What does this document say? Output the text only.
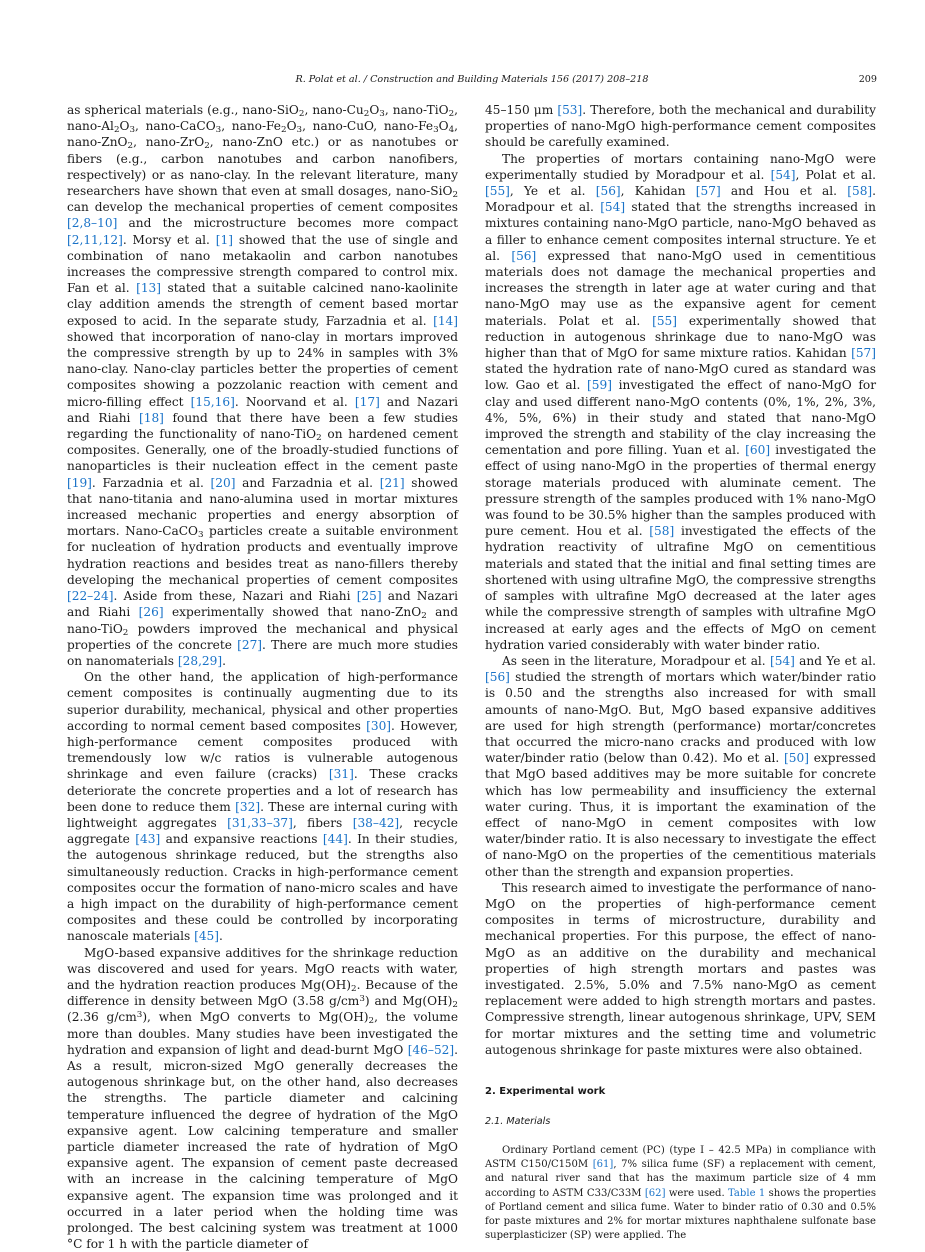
R. Polat et al. / Construction and Building Materials 156 (2017) 208–218	209

as spherical materials (e.g., nano-SiO$_2$, nano-$Cu_2O_3$, nano-TiO$_2$, nano-$Al_2O_3$, nano-CaCO$_3$, nano-$Fe_2O_3$, nano-CuO, nano-$Fe_3O_4$, nano-ZnO$_2$, nano-ZrO$_2$, nano-ZnO etc.) or as nanotubes or fibers (e.g., carbon nanotubes and carbon nanofibers, respectively) or as nano-clay. In the relevant literature, many researchers have shown that even at small dosages, nano-SiO$_2$ can develop the mechanical properties of cement composites [2,8–10] and the microstructure becomes more compact [2,11,12]. Morsy et al. [1] showed that the use of single and combination of nano metakaolin and carbon nanotubes increases the compressive strength compared to control mix. Fan et al. [13] stated that a suitable calcined nano-kaolinite clay addition amends the strength of cement based mortar exposed to acid. In the separate study, Farzadnia et al. [14] showed that incorporation of nano-clay in mortars improved the compressive strength by up to 24% in samples with 3% nano-clay. Nano-clay particles better the properties of cement composites showing a pozzolanic reaction with cement and micro-filling effect [15,16]. Noorvand et al. [17] and Nazari and Riahi [18] found that there have been a few studies regarding the functionality of nano-TiO$_2$ on hardened cement composites. Generally, one of the broadly-studied functions of nanoparticles is their nucleation effect in the cement paste [19]. Farzadnia et al. [20] and Farzadnia et al. [21] showed that nano-titania and nano-alumina used in mortar mixtures increased mechanic properties and energy absorption of mortars. Nano-CaCO$_3$ particles create a suitable environment for nucleation of hydration products and eventually improve hydration reactions and besides treat as nano-fillers thereby developing the mechanical properties of cement composites [22–24]. Aside from these, Nazari and Riahi [25] and Nazari and Riahi [26] experimentally showed that nano-ZnO$_2$ and nano-TiO$_2$ powders improved the mechanical and physical properties of the concrete [27]. There are much more studies on nanomaterials [28,29].

On the other hand, the application of high-performance cement composites is continually augmenting due to its superior durability, mechanical, physical and other properties according to normal cement based composites [30]. However, high-performance cement composites produced with tremendously low w/c ratios is vulnerable autogenous shrinkage and even failure (cracks) [31]. These cracks deteriorate the concrete properties and a lot of research has been done to reduce them [32]. These are internal curing with lightweight aggregates [31,33–37], fibers [38–42], recycle aggregate [43] and expansive reactions [44]. In their studies, the autogenous shrinkage reduced, but the strengths also simultaneously reduction. Cracks in high-performance cement composites occur the formation of nano-micro scales and have a high impact on the durability of high-performance cement composites and these could be controlled by incorporating nanoscale materials [45].

MgO-based expansive additives for the shrinkage reduction was discovered and used for years. MgO reacts with water, and the hydration reaction produces $Mg(OH)_2$. Because of the difference in density between MgO (3.58 $g/cm^3$) and $Mg(OH)_2$ (2.36 $g/cm^3$), when MgO converts to $Mg(OH)_2$, the volume more than doubles. Many studies have been investigated the hydration and expansion of light and dead-burnt MgO [46–52]. As a result, micron-sized MgO generally decreases the autogenous shrinkage but, on the other hand, also decreases the strengths. The particle diameter and calcining temperature influenced the degree of hydration of the MgO expansive agent. Low calcining temperature and smaller particle diameter increased the rate of hydration of MgO expansive agent. The expansion of cement paste decreased with an increase in the calcining temperature of MgO expansive agent. The expansion time was prolonged and it occurred in a later period when the holding time was prolonged. The best calcining system was treatment at 1000 °C for 1 h with the particle diameter of

45–150 μm [53]. Therefore, both the mechanical and durability properties of nano-MgO high-performance cement composites should be carefully examined.

The properties of mortars containing nano-MgO were experimentally studied by Moradpour et al. [54], Polat et al. [55], Ye et al. [56], Kahidan [57] and Hou et al. [58]. Moradpour et al. [54] stated that the strengths increased in mixtures containing nano-MgO particle, nano-MgO behaved as a filler to enhance cement composites internal structure. Ye et al. [56] expressed that nano-MgO used in cementitious materials does not damage the mechanical properties and increases the strength in later age at water curing and that nano-MgO may use as the expansive agent for cement materials. Polat et al. [55] experimentally showed that reduction in autogenous shrinkage due to nano-MgO was higher than that of MgO for same mixture ratios. Kahidan [57] stated the hydration rate of nano-MgO cured as standard was low. Gao et al. [59] investigated the effect of nano-MgO for clay and used different nano-MgO contents (0%, 1%, 2%, 3%, 4%, 5%, 6%) in their study and stated that nano-MgO improved the strength and stability of the clay increasing the cementation and pore filling. Yuan et al. [60] investigated the effect of using nano-MgO in the properties of thermal energy storage materials produced with aluminate cement. The pressure strength of the samples produced with 1% nano-MgO was found to be 30.5% higher than the samples produced with pure cement. Hou et al. [58] investigated the effects of the hydration reactivity of ultrafine MgO on cementitious materials and stated that the initial and final setting times are shortened with using ultrafine MgO, the compressive strengths of samples with ultrafine MgO decreased at the later ages while the compressive strength of samples with ultrafine MgO increased at early ages and the effects of MgO on cement hydration varied considerably with water binder ratio.

As seen in the literature, Moradpour et al. [54] and Ye et al. [56] studied the strength of mortars which water/binder ratio is 0.50 and the strengths also increased for with small amounts of nano-MgO. But, MgO based expansive additives are used for high strength (performance) mortar/concretes that occurred the micro-nano cracks and produced with low water/binder ratio (below than 0.42). Mo et al. [50] expressed that MgO based additives may be more suitable for concrete which has low permeability and insufficiency the external water curing. Thus, it is important the examination of the effect of nano-MgO in cement composites with low water/binder ratio. It is also necessary to investigate the effect of nano-MgO on the properties of the cementitious materials other than the strength and expansion properties.

This research aimed to investigate the performance of nano-MgO on the properties of high-performance cement composites in terms of microstructure, durability and mechanical properties. For this purpose, the effect of nano-MgO as an additive on the durability and mechanical properties of high strength mortars and pastes was investigated. 2.5%, 5.0% and 7.5% nano-MgO as cement replacement were added to high strength mortars and pastes. Compressive strength, linear autogenous shrinkage, UPV, SEM for mortar mixtures and the setting time and volumetric autogenous shrinkage for paste mixtures were also obtained.

2. Experimental work
2.1. Materials

Ordinary Portland cement (PC) (type I – 42.5 MPa) in compliance with ASTM C150/C150M [61], 7% silica fume (SF) a replacement with cement, and natural river sand that has the maximum particle size of 4 mm according to ASTM C33/C33M [62] were used. Table 1 shows the properties of Portland cement and silica fume. Water to binder ratio of 0.30 and 0.5% for paste mixtures and 2% for mortar mixtures naphthalene sulfonate base superplasticizer (SP) were applied. The
